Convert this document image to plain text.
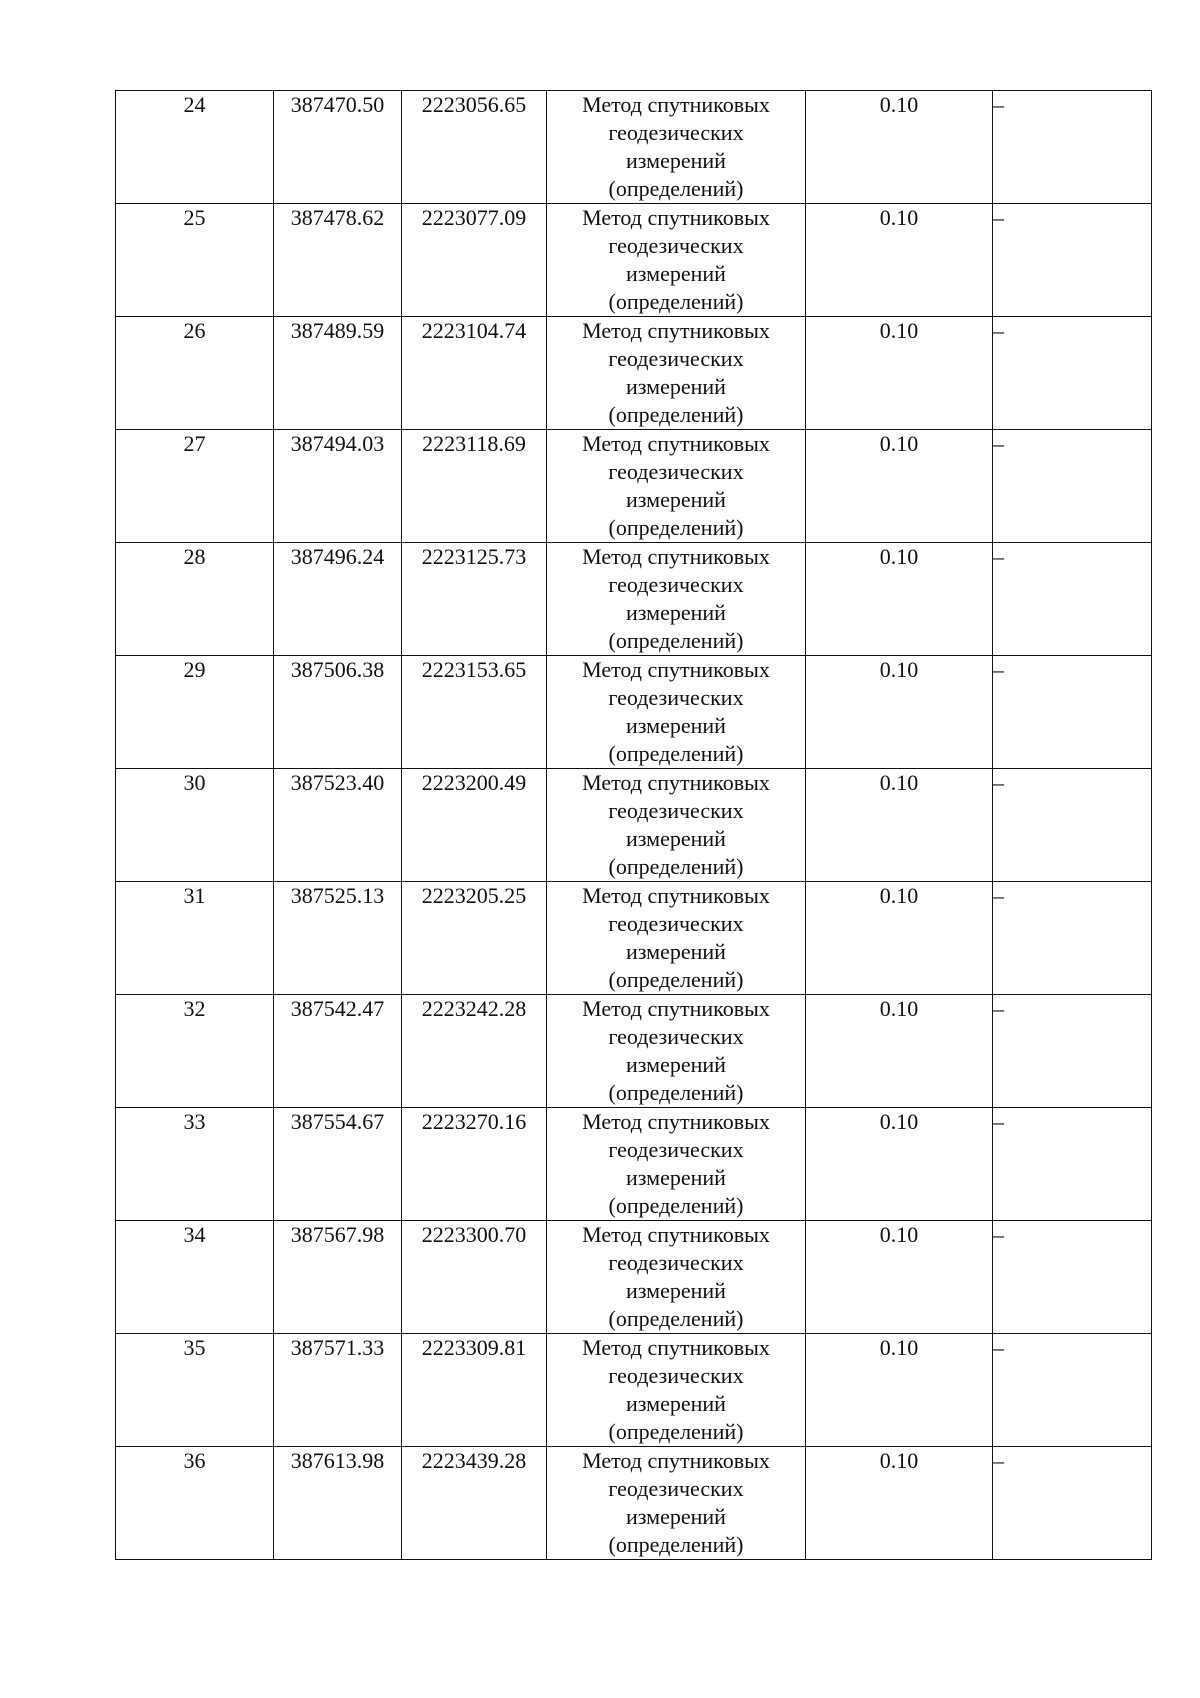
24	387470.50	2223056.65	Метод спутниковых
геодезических
измерений
(определений)	0.10	–
25	387478.62	2223077.09	Метод спутниковых
геодезических
измерений
(определений)	0.10	–
26	387489.59	2223104.74	Метод спутниковых
геодезических
измерений
(определений)	0.10	–
27	387494.03	2223118.69	Метод спутниковых
геодезических
измерений
(определений)	0.10	–
28	387496.24	2223125.73	Метод спутниковых
геодезических
измерений
(определений)	0.10	–
29	387506.38	2223153.65	Метод спутниковых
геодезических
измерений
(определений)	0.10	–
30	387523.40	2223200.49	Метод спутниковых
геодезических
измерений
(определений)	0.10	–
31	387525.13	2223205.25	Метод спутниковых
геодезических
измерений
(определений)	0.10	–
32	387542.47	2223242.28	Метод спутниковых
геодезических
измерений
(определений)	0.10	–
33	387554.67	2223270.16	Метод спутниковых
геодезических
измерений
(определений)	0.10	–
34	387567.98	2223300.70	Метод спутниковых
геодезических
измерений
(определений)	0.10	–
35	387571.33	2223309.81	Метод спутниковых
геодезических
измерений
(определений)	0.10	–
36	387613.98	2223439.28	Метод спутниковых
геодезических
измерений
(определений)	0.10	–
